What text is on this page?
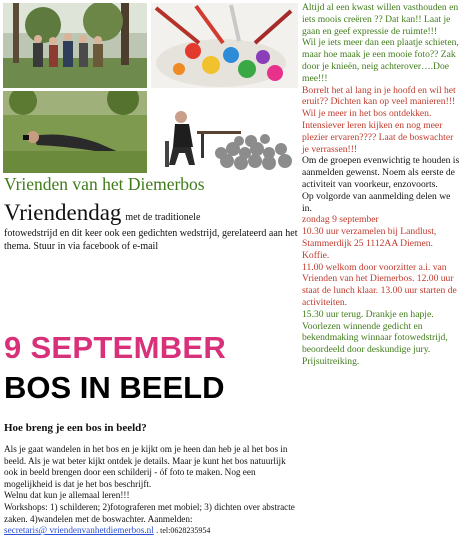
Vrienden van het Diemerbos
Vriendendag met de traditionele
fotowedstrijd en dit keer ook een gedichten wedstrijd, gerelateerd aan het thema. Stuur in via facebook of e-mail
9 SEPTEMBER
BOS IN BEELD
Hoe breng je een bos in beeld?

Als je gaat wandelen in het bos en je kijkt om je heen dan heb je al het bos in beeld. Als je wat beter kijkt ontdek je details. Maar je kunt het bos natuurlijk ook in beeld brengen door een schilderij - óf foto te maken. Nog een mogelijkheid is dat je het bos beschrijft.

Welnu dat kun je allemaal leren!!!

Workshops: 1) schilderen; 2)fotograferen met mobiel; 3) dichten over abstracte zaken. 4)wandelen met de boswachter. Aanmelden:
secretaris@ vriendenvanhetdiemerbos.nl . tel:0628235954

Altijd al een kwast willen vasthouden en iets moois creëren ?? Dat kan!! Laat je gaan en geef expressie de ruimte!!!

Wil je iets meer dan een plaatje schieten, maar hoe maak je een mooie foto?? Zak door je knieën, neig achterover….Doe mee!!!

Borrelt het al lang in je hoofd en wil het eruit?? Dichten kan op veel manieren!!!

Wil je meer in het bos ontdekken. Intensiever leren kijken en nog meer plezier ervaren???? Laat de boswachter je verrassen!!!

Om de groepen evenwichtig te houden is aanmelden gewenst. Noem als eerste de activiteit van voorkeur, enzovoorts.

Op volgorde van aanmelding delen we in.

zondag 9 september

10.30 uur verzamelen bij Landlust, Stammerdijk 25 1112AA Diemen. Koffie.

11.00 welkom door voorzitter a.i. van Vrienden van het Diemerbos. 12.00 uur staat de lunch klaar. 13.00 uur starten de activiteiten.

15.30 uur terug. Drankje en hapje. Voorlezen winnende gedicht en bekendmaking winnaar fotowedstrijd, beoordeeld door deskundige jury. Prijsuitreiking.
